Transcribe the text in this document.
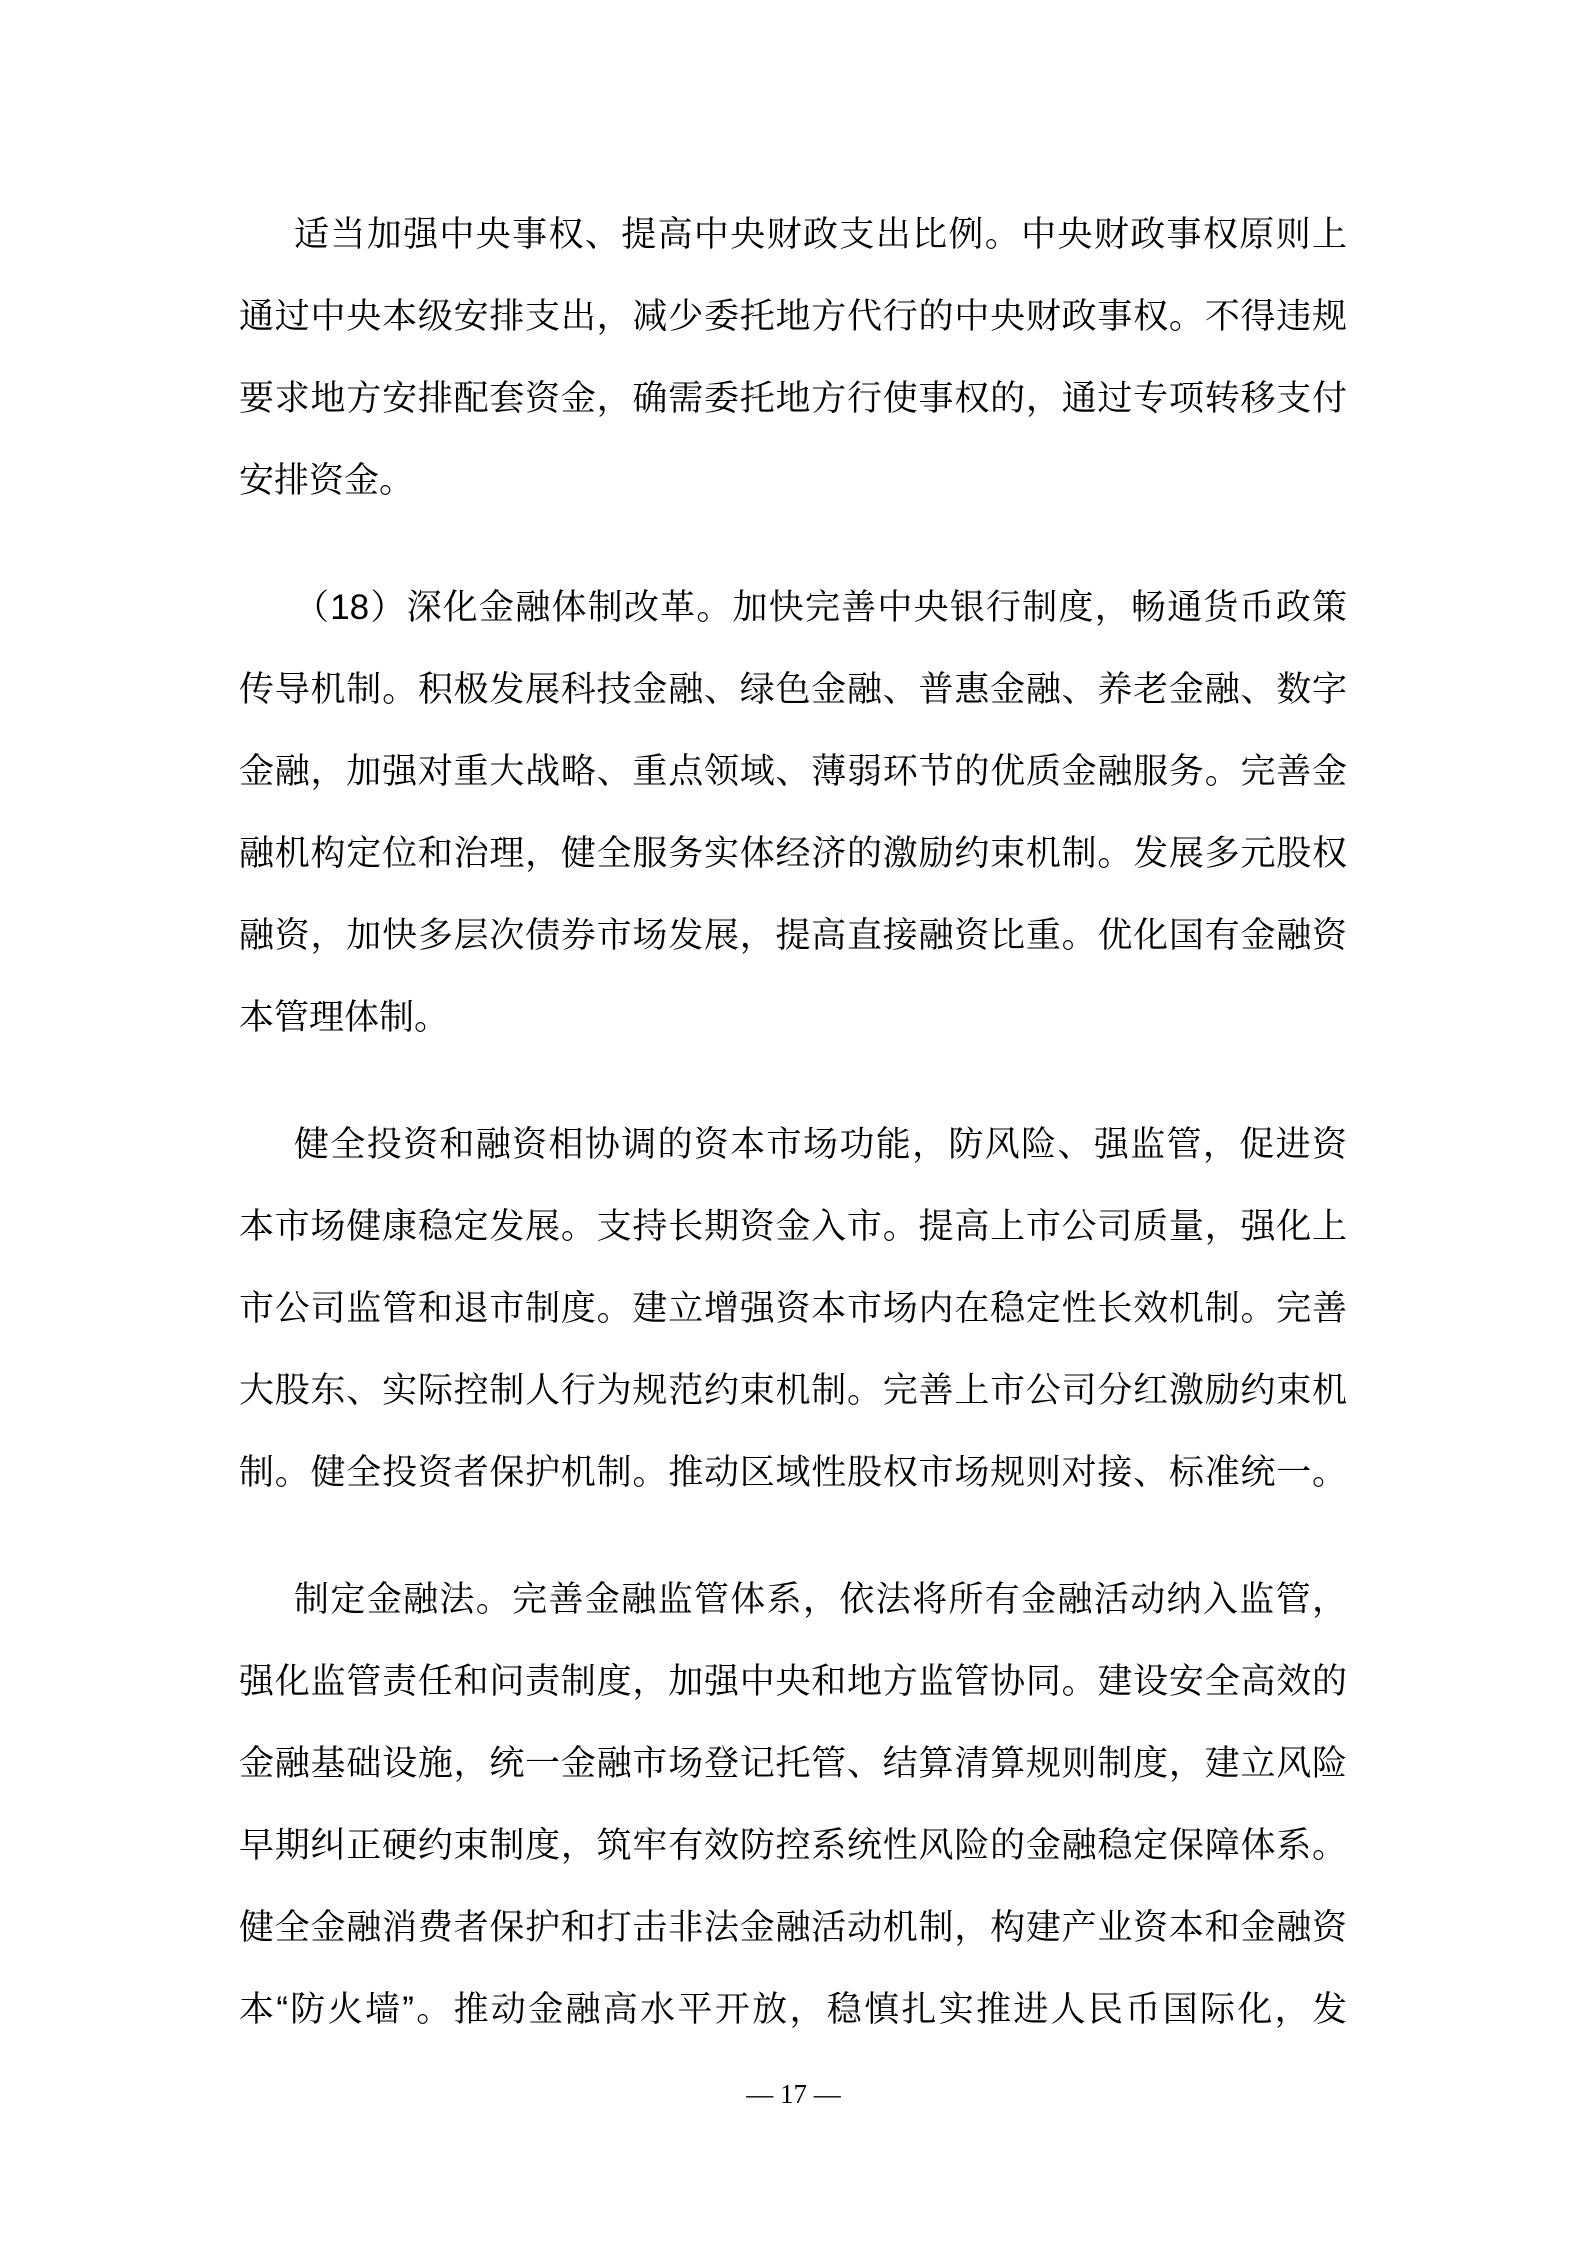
适当加强中央事权、提高中央财政支出比例。中央财政事权原则上
通过中央本级安排支出，减少委托地方代行的中央财政事权。不得违规
要求地方安排配套资金，确需委托地方行使事权的，通过专项转移支付
安排资金。
（18）深化金融体制改革。加快完善中央银行制度，畅通货币政策
传导机制。积极发展科技金融、绿色金融、普惠金融、养老金融、数字
金融，加强对重大战略、重点领域、薄弱环节的优质金融服务。完善金
融机构定位和治理，健全服务实体经济的激励约束机制。发展多元股权
融资，加快多层次债券市场发展，提高直接融资比重。优化国有金融资
本管理体制。
健全投资和融资相协调的资本市场功能，防风险、强监管，促进资
本市场健康稳定发展。支持长期资金入市。提高上市公司质量，强化上
市公司监管和退市制度。建立增强资本市场内在稳定性长效机制。完善
大股东、实际控制人行为规范约束机制。完善上市公司分红激励约束机
制。健全投资者保护机制。推动区域性股权市场规则对接、标准统一。
制定金融法。完善金融监管体系，依法将所有金融活动纳入监管，
强化监管责任和问责制度，加强中央和地方监管协同。建设安全高效的
金融基础设施，统一金融市场登记托管、结算清算规则制度，建立风险
早期纠正硬约束制度，筑牢有效防控系统性风险的金融稳定保障体系。
健全金融消费者保护和打击非法金融活动机制，构建产业资本和金融资
本“防火墙”。推动金融高水平开放，稳慎扎实推进人民币国际化，发
— 17 —
